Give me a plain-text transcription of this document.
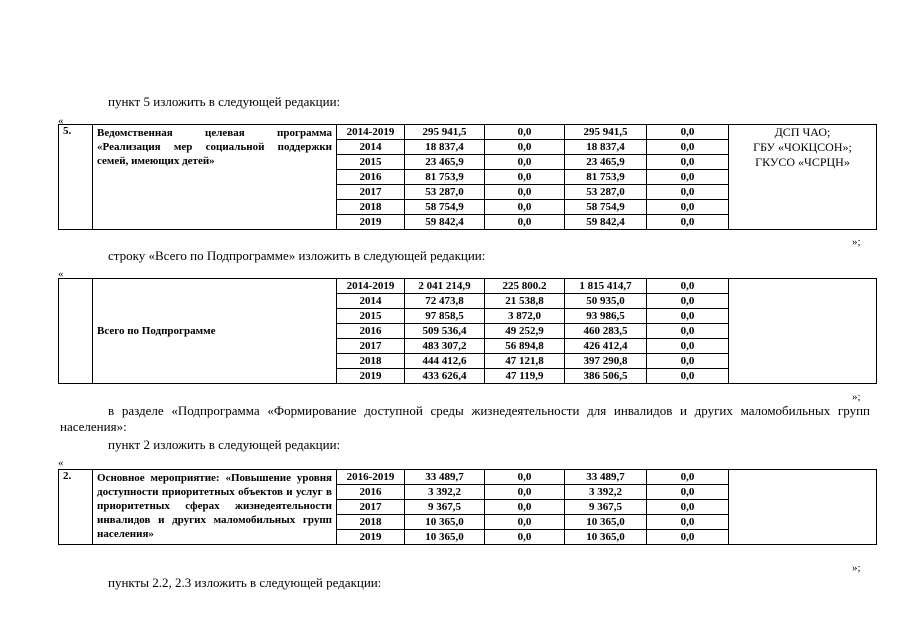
пункт 5 изложить в следующей редакции:
«
5.	Ведомственная целевая программа «Реализация мер социальной поддержки семей, имеющих детей»	2014-2019	295 941,5	0,0	295 941,5	0,0	ДСП ЧАО;
ГБУ «ЧОКЦСОН»;
ГКУСО «ЧСРЦН»

		2014	18 837,4	0,0	18 837,4	0,0	
		2015	23 465,9	0,0	23 465,9	0,0	
		2016	81 753,9	0,0	81 753,9	0,0	
		2017	53 287,0	0,0	53 287,0	0,0	
		2018	58 754,9	0,0	58 754,9	0,0	
		2019	59 842,4	0,0	59 842,4	0,0	
»;
строку «Всего по Подпрограмме» изложить в следующей редакции:
«
	Всего по Подпрограмме	2014-2019	2 041 214,9	225 800.2	1 815 414,7	0,0	
		2014	72 473,8	21 538,8	50 935,0	0,0	
		2015	97 858,5	3 872,0	93 986,5	0,0	
		2016	509 536,4	49 252,9	460 283,5	0,0	
		2017	483 307,2	56 894,8	426 412,4	0,0	
		2018	444 412,6	47 121,8	397 290,8	0,0	
		2019	433 626,4	47 119,9	386 506,5	0,0	
»;
в разделе «Подпрограмма «Формирование доступной среды жизнедеятельности для инвалидов и других маломобильных групп населения»:
пункт 2 изложить в следующей редакции:
«
2.	Основное мероприятие: «Повышение уровня доступности приоритетных объектов и услуг в приоритетных сферах жизнедеятельности инвалидов и других маломобильных групп населения»	2016-2019	33 489,7	0,0	33 489,7	0,0	
		2016	3 392,2	0,0	3 392,2	0,0	
		2017	9 367,5	0,0	9 367,5	0,0	
		2018	10 365,0	0,0	10 365,0	0,0	
		2019	10 365,0	0,0	10 365,0	0,0	
»;
пункты 2.2, 2.3 изложить в следующей редакции:
